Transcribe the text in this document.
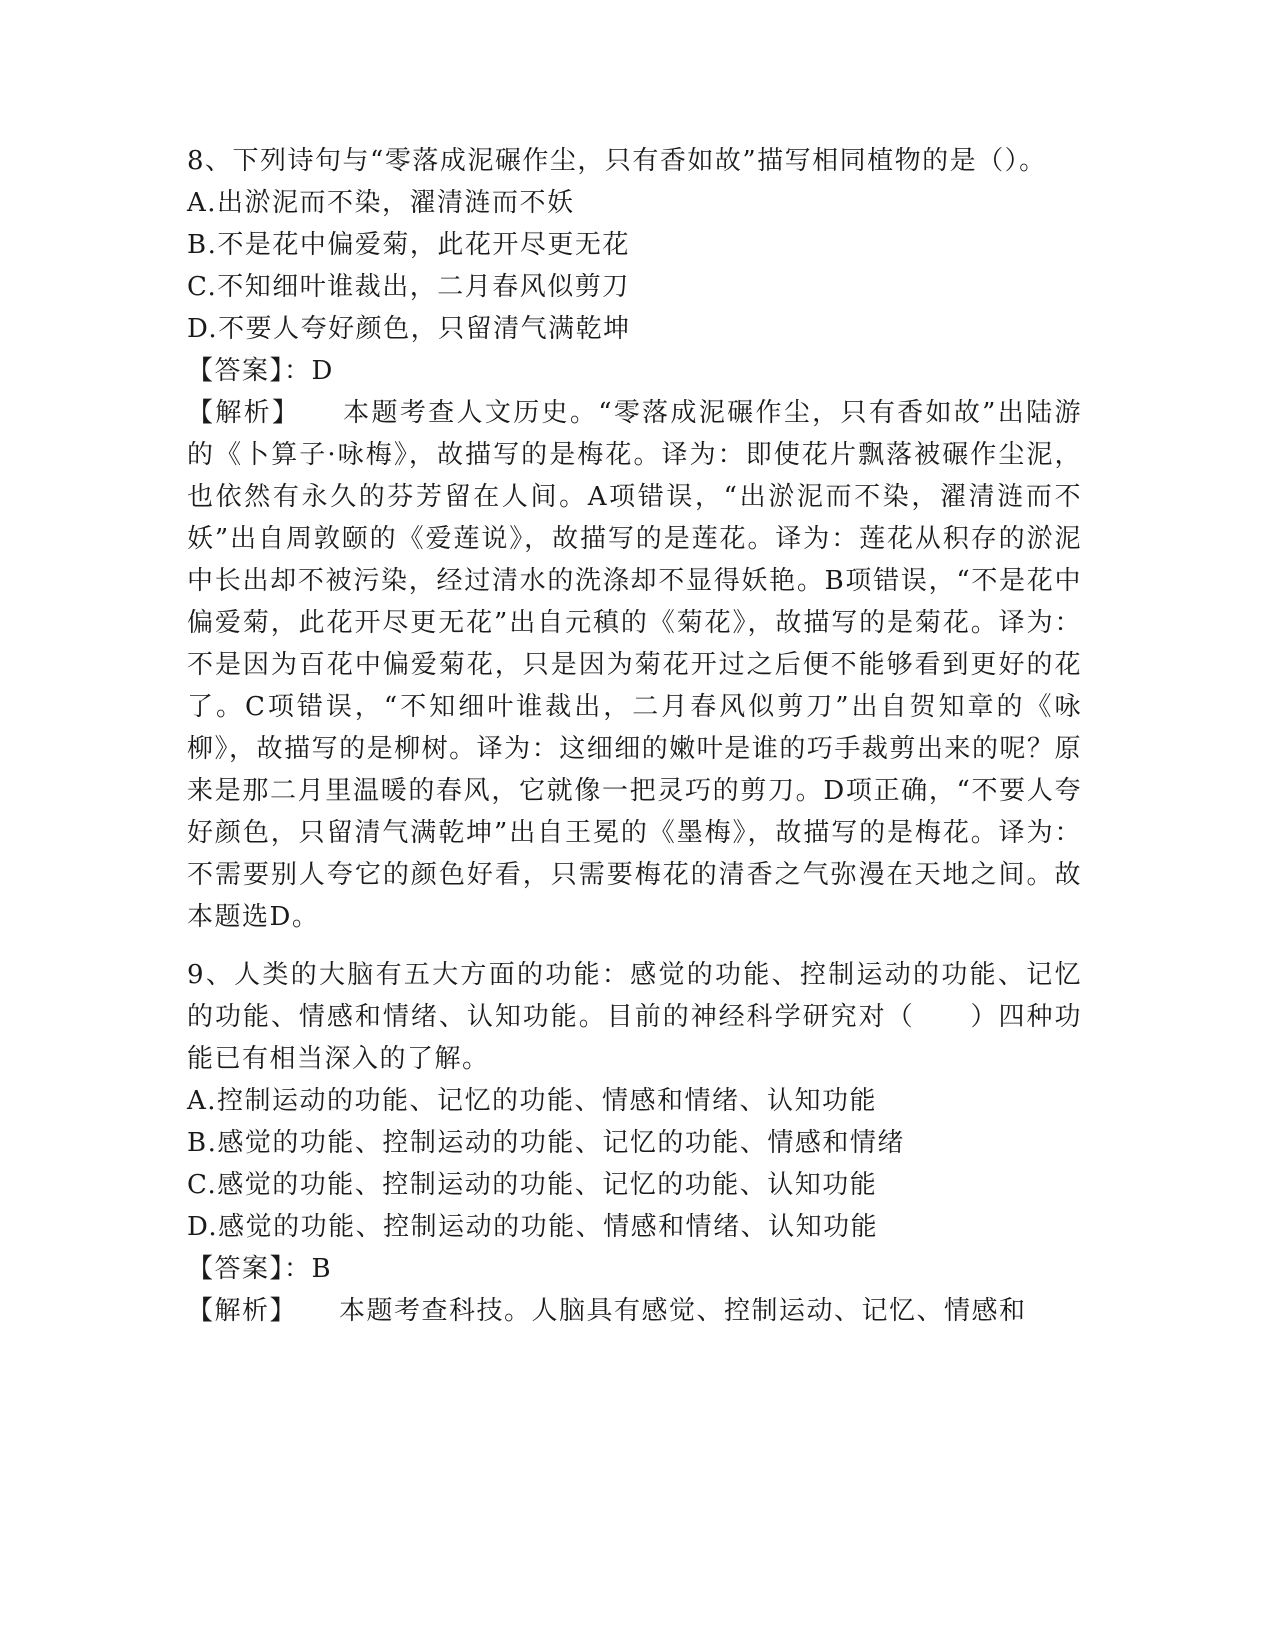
8、下列诗句与“零落成泥碾作尘，只有香如故”描写相同植物的是（）。

A.出淤泥而不染，濯清涟而不妖

B.不是花中偏爱菊，此花开尽更无花

C.不知细叶谁裁出，二月春风似剪刀

D.不要人夸好颜色，只留清气满乾坤

【答案】：D

【解析】 本题考查人文历史。“零落成泥碾作尘，只有香如故”出陆游的《卜算子·咏梅》，故描写的是梅花。译为：即使花片飘落被碾作尘泥，也依然有永久的芬芳留在人间。A项错误，“出淤泥而不染，濯清涟而不妖”出自周敦颐的《爱莲说》，故描写的是莲花。译为：莲花从积存的淤泥中长出却不被污染，经过清水的洗涤却不显得妖艳。B项错误，“不是花中偏爱菊，此花开尽更无花”出自元稹的《菊花》，故描写的是菊花。译为：不是因为百花中偏爱菊花，只是因为菊花开过之后便不能够看到更好的花了。C项错误，“不知细叶谁裁出，二月春风似剪刀”出自贺知章的《咏柳》，故描写的是柳树。译为：这细细的嫩叶是谁的巧手裁剪出来的呢？原来是那二月里温暖的春风，它就像一把灵巧的剪刀。D项正确，“不要人夸好颜色，只留清气满乾坤”出自王冕的《墨梅》，故描写的是梅花。译为：不需要别人夸它的颜色好看，只需要梅花的清香之气弥漫在天地之间。故本题选D。

9、人类的大脑有五大方面的功能：感觉的功能、控制运动的功能、记忆的功能、情感和情绪、认知功能。目前的神经科学研究对（　　）四种功能已有相当深入的了解。

A.控制运动的功能、记忆的功能、情感和情绪、认知功能

B.感觉的功能、控制运动的功能、记忆的功能、情感和情绪

C.感觉的功能、控制运动的功能、记忆的功能、认知功能

D.感觉的功能、控制运动的功能、情感和情绪、认知功能

【答案】：B

【解析】 本题考查科技。人脑具有感觉、控制运动、记忆、情感和
